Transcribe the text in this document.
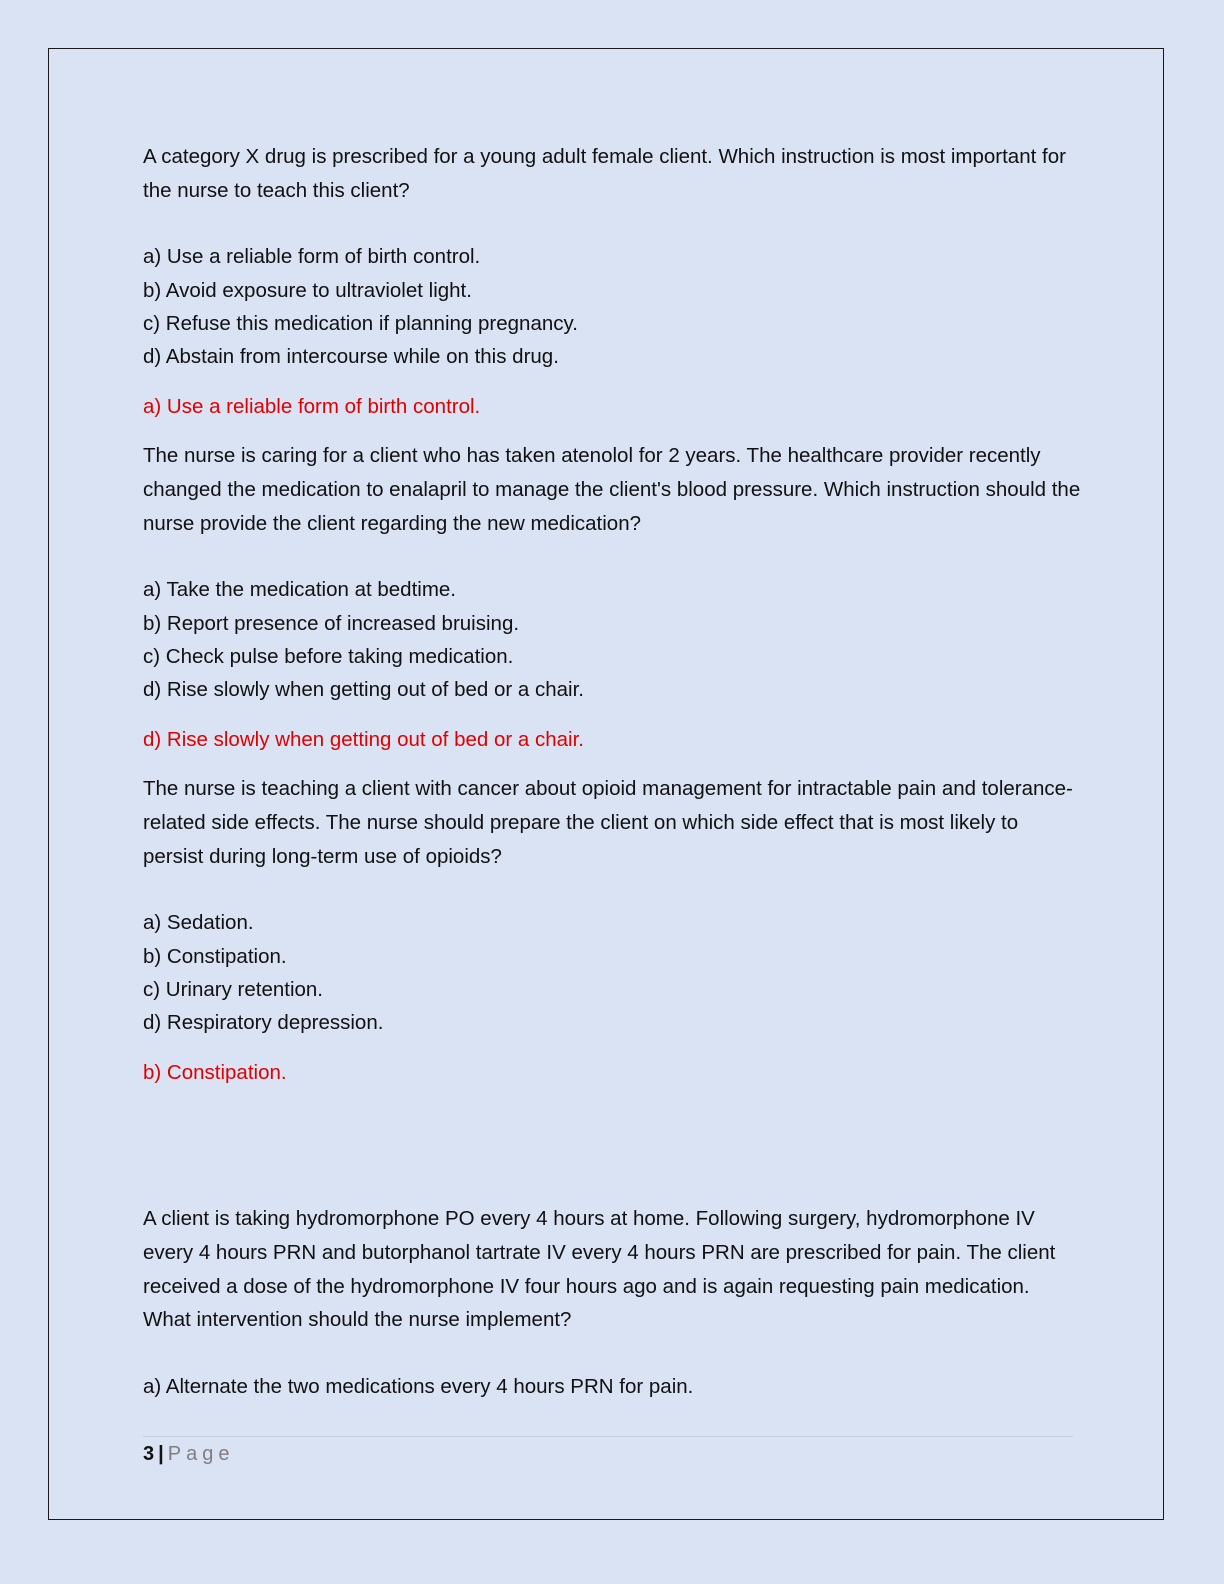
A category X drug is prescribed for a young adult female client. Which instruction is most important for the nurse to teach this client?

a) Use a reliable form of birth control.
b) Avoid exposure to ultraviolet light.
c) Refuse this medication if planning pregnancy.
d) Abstain from intercourse while on this drug.

a) Use a reliable form of birth control.

The nurse is caring for a client who has taken atenolol for 2 years. The healthcare provider recently changed the medication to enalapril to manage the client's blood pressure. Which instruction should the nurse provide the client regarding the new medication?

a) Take the medication at bedtime.
b) Report presence of increased bruising.
c) Check pulse before taking medication.
d) Rise slowly when getting out of bed or a chair.

d) Rise slowly when getting out of bed or a chair.

The nurse is teaching a client with cancer about opioid management for intractable pain and tolerance-related side effects. The nurse should prepare the client on which side effect that is most likely to persist during long-term use of opioids?

a) Sedation.
b) Constipation.
c) Urinary retention.
d) Respiratory depression.

b) Constipation.

A client is taking hydromorphone PO every 4 hours at home. Following surgery, hydromorphone IV every 4 hours PRN and butorphanol tartrate IV every 4 hours PRN are prescribed for pain. The client received a dose of the hydromorphone IV four hours ago and is again requesting pain medication. What intervention should the nurse implement?

a) Alternate the two medications every 4 hours PRN for pain.
3 | Page
